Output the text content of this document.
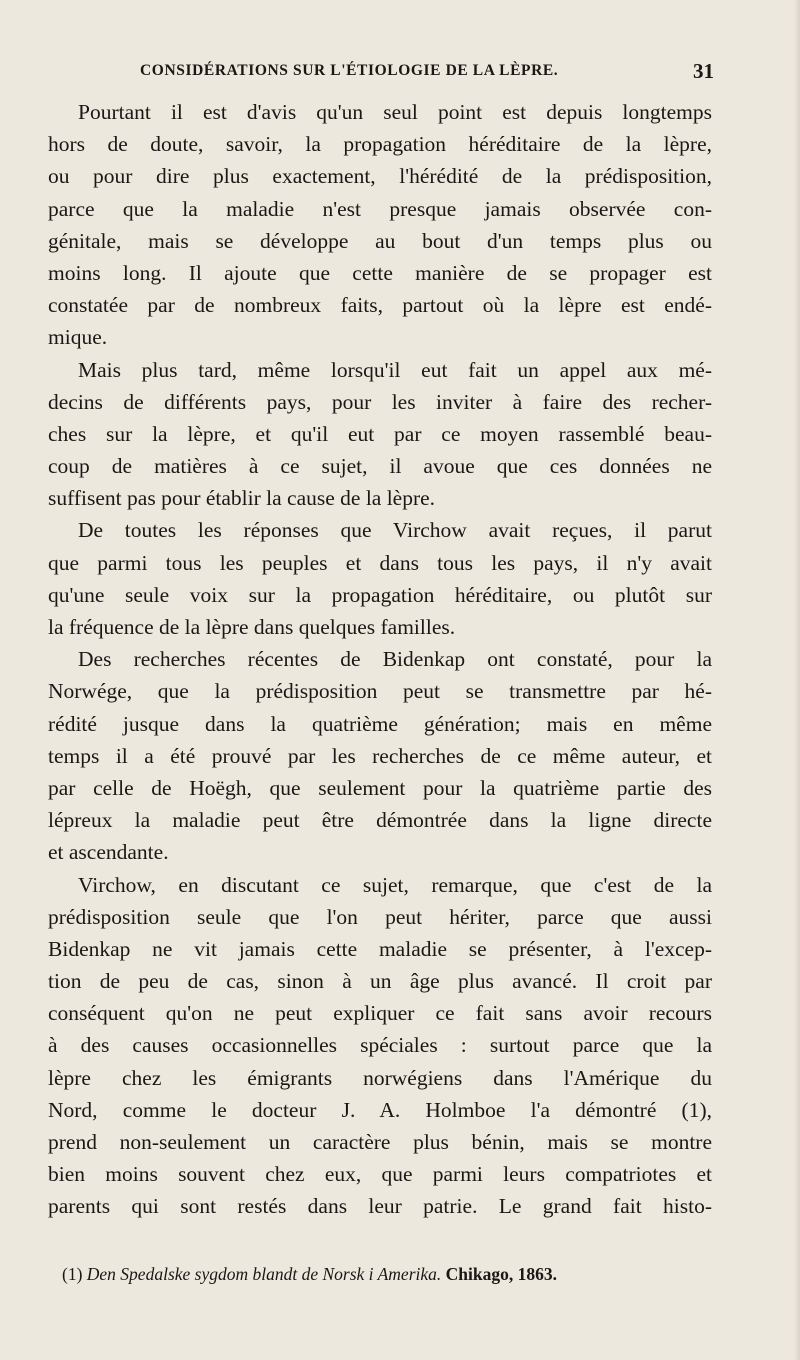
CONSIDÉRATIONS SUR L'ÉTIOLOGIE DE LA LÈPRE.	31
Pourtant il est d'avis qu'un seul point est depuis longtemps
hors de doute, savoir, la propagation héréditaire de la lèpre,
ou pour dire plus exactement, l'hérédité de la prédisposition,
parce que la maladie n'est presque jamais observée con-
génitale, mais se développe au bout d'un temps plus ou
moins long. Il ajoute que cette manière de se propager est
constatée par de nombreux faits, partout où la lèpre est endé-
mique.
Mais plus tard, même lorsqu'il eut fait un appel aux mé-
decins de différents pays, pour les inviter à faire des recher-
ches sur la lèpre, et qu'il eut par ce moyen rassemblé beau-
coup de matières à ce sujet, il avoue que ces données ne
suffisent pas pour établir la cause de la lèpre.
De toutes les réponses que Virchow avait reçues, il parut
que parmi tous les peuples et dans tous les pays, il n'y avait
qu'une seule voix sur la propagation héréditaire, ou plutôt sur
la fréquence de la lèpre dans quelques familles.
Des recherches récentes de Bidenkap ont constaté, pour la
Norwége, que la prédisposition peut se transmettre par hé-
rédité jusque dans la quatrième génération; mais en même
temps il a été prouvé par les recherches de ce même auteur, et
par celle de Hoëgh, que seulement pour la quatrième partie des
lépreux la maladie peut être démontrée dans la ligne directe
et ascendante.
Virchow, en discutant ce sujet, remarque, que c'est de la
prédisposition seule que l'on peut hériter, parce que aussi
Bidenkap ne vit jamais cette maladie se présenter, à l'excep-
tion de peu de cas, sinon à un âge plus avancé. Il croit par
conséquent qu'on ne peut expliquer ce fait sans avoir recours
à des causes occasionnelles spéciales : surtout parce que la
lèpre chez les émigrants norwégiens dans l'Amérique du
Nord, comme le docteur J. A. Holmboe l'a démontré (1),
prend non-seulement un caractère plus bénin, mais se montre
bien moins souvent chez eux, que parmi leurs compatriotes et
parents qui sont restés dans leur patrie. Le grand fait histo-
(1) Den Spedalske sygdom blandt de Norsk i Amerika. Chikago, 1863.
